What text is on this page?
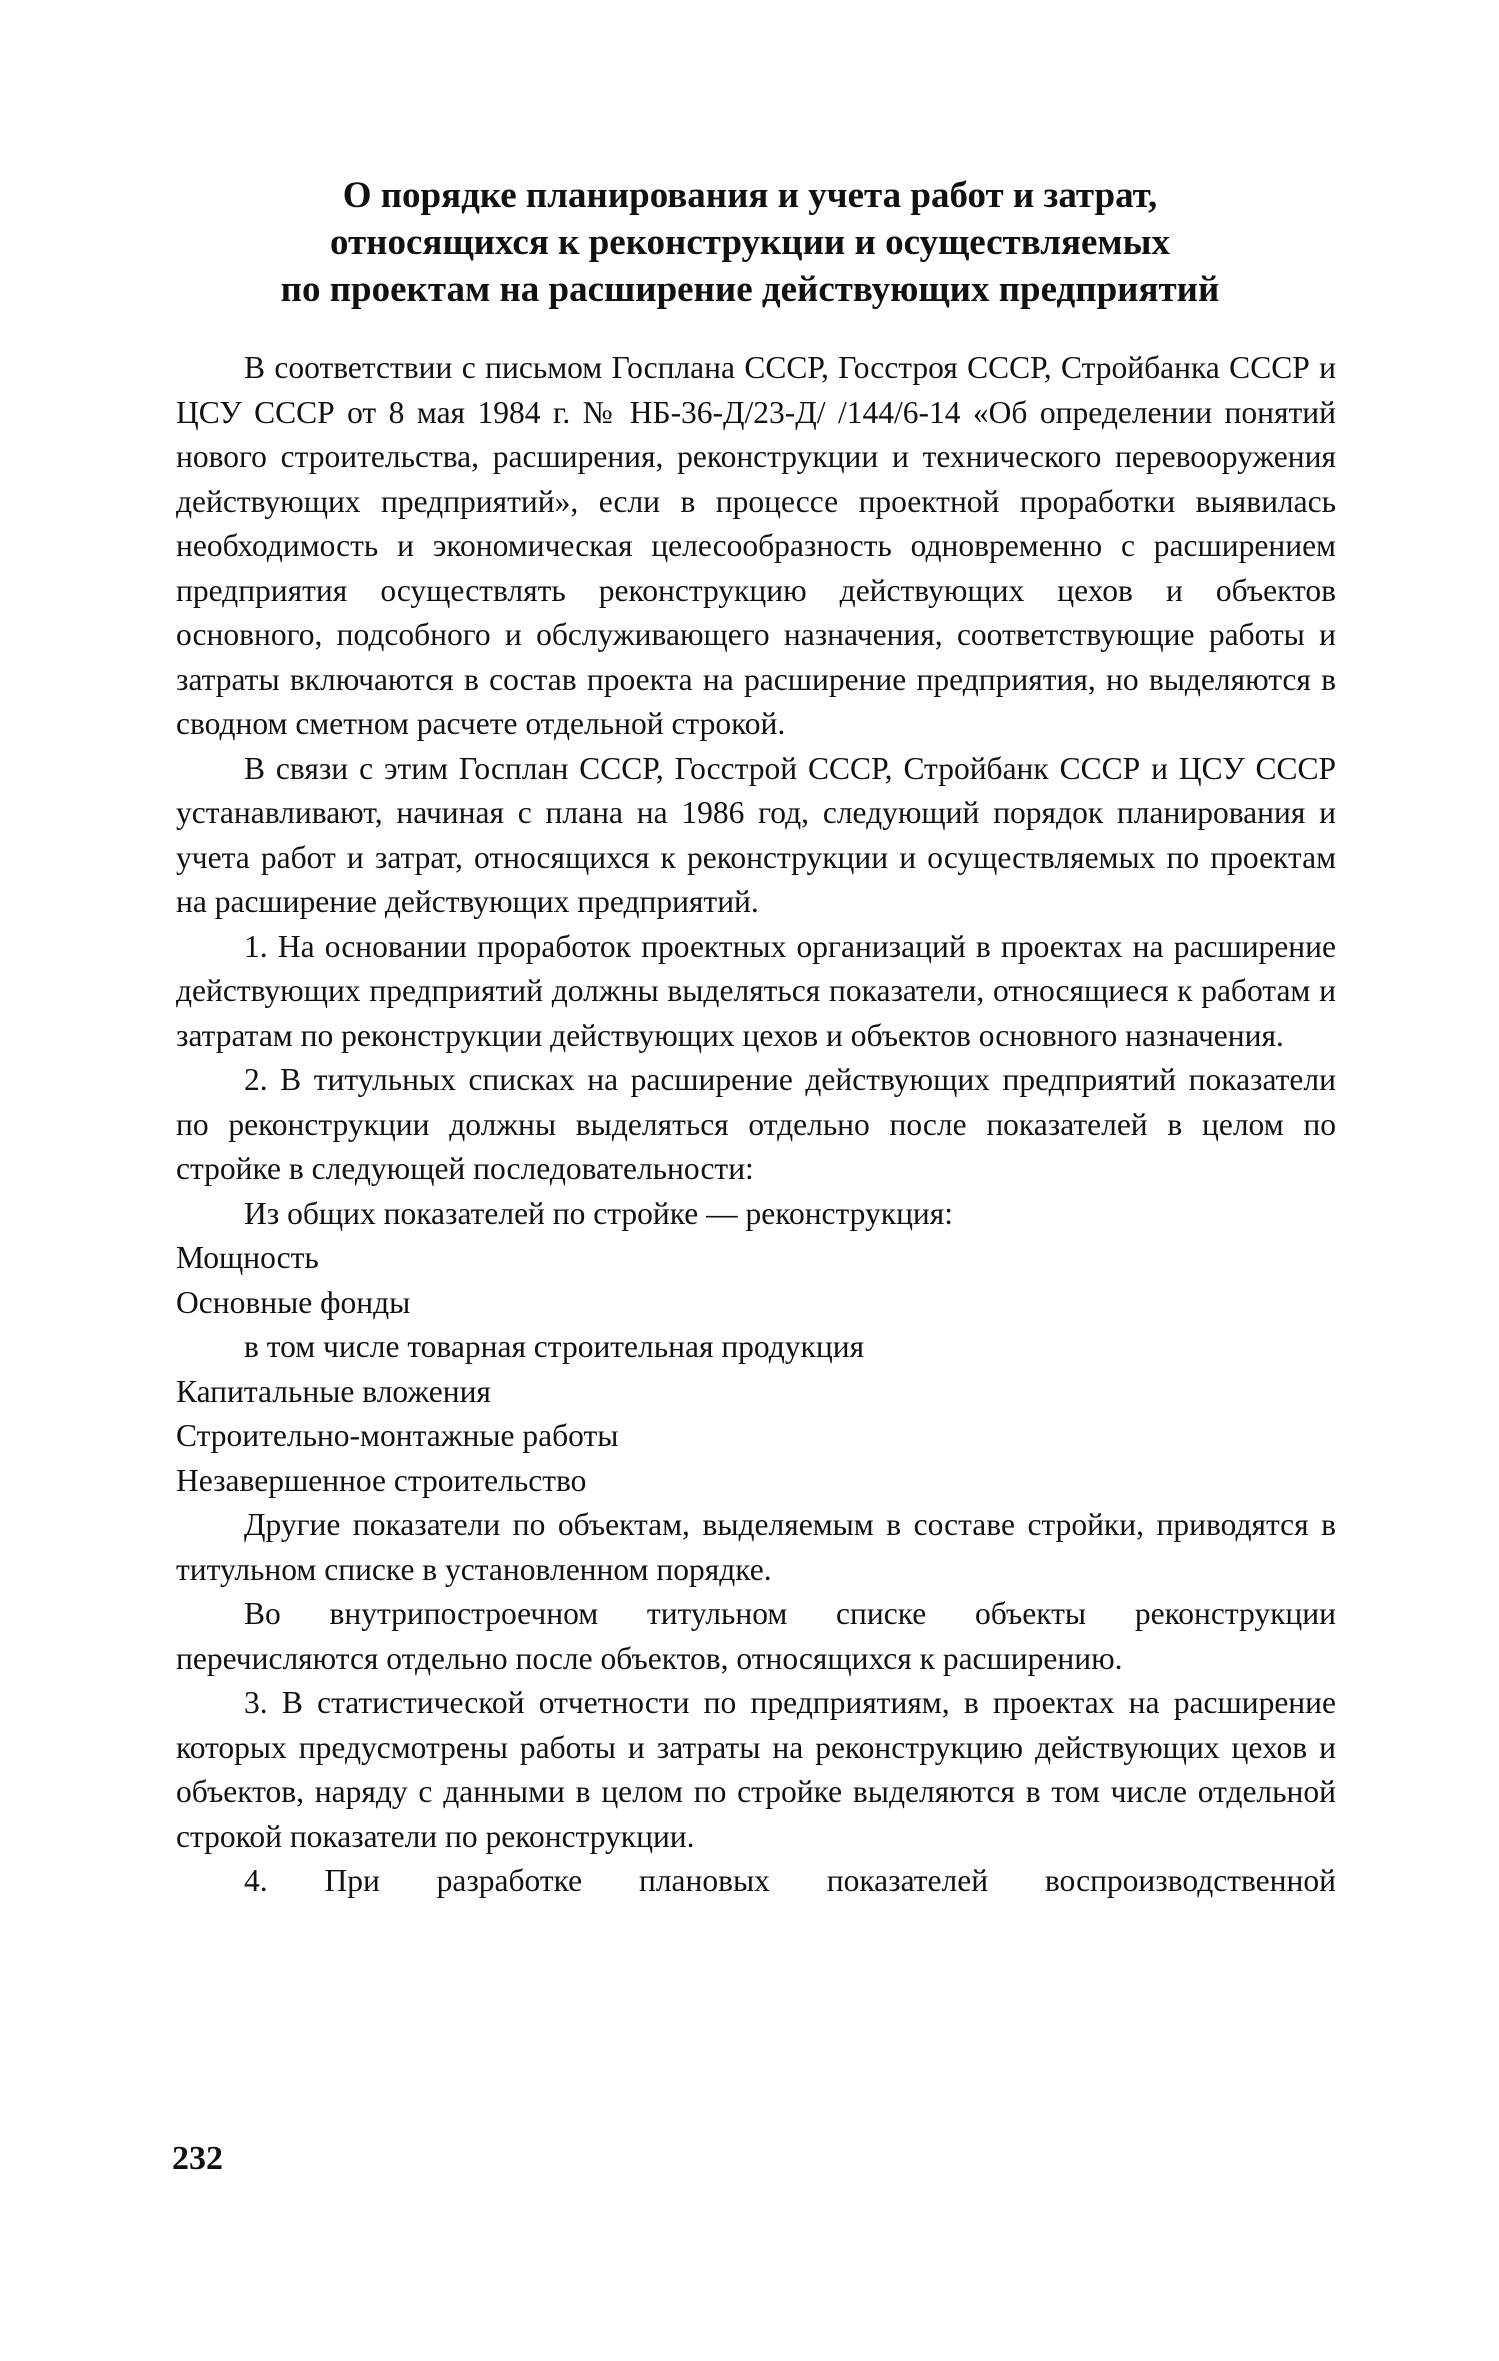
О порядке планирования и учета работ и затрат,
относящихся к реконструкции и осуществляемых
по проектам на расширение действующих предприятий

В соответствии с письмом Госплана СССР, Госстроя СССР, Стройбанка СССР и ЦСУ СССР от 8 мая 1984 г. № НБ-36-Д/23-Д/ /144/6-14 «Об определении понятий нового строительства, расширения, реконструкции и технического перевооружения действующих предприятий», если в процессе проектной проработки выявилась необходимость и экономическая целесообразность одновременно с расширением предприятия осуществлять реконструкцию действующих цехов и объектов основного, подсобного и обслуживающего назначения, соответствующие работы и затраты включаются в состав проекта на расширение предприятия, но выделяются в сводном сметном расчете отдельной строкой.

В связи с этим Госплан СССР, Госстрой СССР, Стройбанк СССР и ЦСУ СССР устанавливают, начиная с плана на 1986 год, следующий порядок планирования и учета работ и затрат, относящихся к реконструкции и осуществляемых по проектам на расширение действующих предприятий.

1. На основании проработок проектных организаций в проектах на расширение действующих предприятий должны выделяться показатели, относящиеся к работам и затратам по реконструкции действующих цехов и объектов основного назначения.

2. В титульных списках на расширение действующих предприятий показатели по реконструкции должны выделяться отдельно после показателей в целом по стройке в следующей последовательности:

Из общих показателей по стройке — реконструкция:

Мощность

Основные фонды

в том числе товарная строительная продукция

Капитальные вложения

Строительно-монтажные работы

Незавершенное строительство

Другие показатели по объектам, выделяемым в составе стройки, приводятся в титульном списке в установленном порядке.

Во внутрипостроечном титульном списке объекты реконструкции перечисляются отдельно после объектов, относящихся к расширению.

3. В статистической отчетности по предприятиям, в проектах на расширение которых предусмотрены работы и затраты на реконструкцию действующих цехов и объектов, наряду с данными в целом по стройке выделяются в том числе отдельной строкой показатели по реконструкции.

4. При разработке плановых показателей воспроизводственной

232
